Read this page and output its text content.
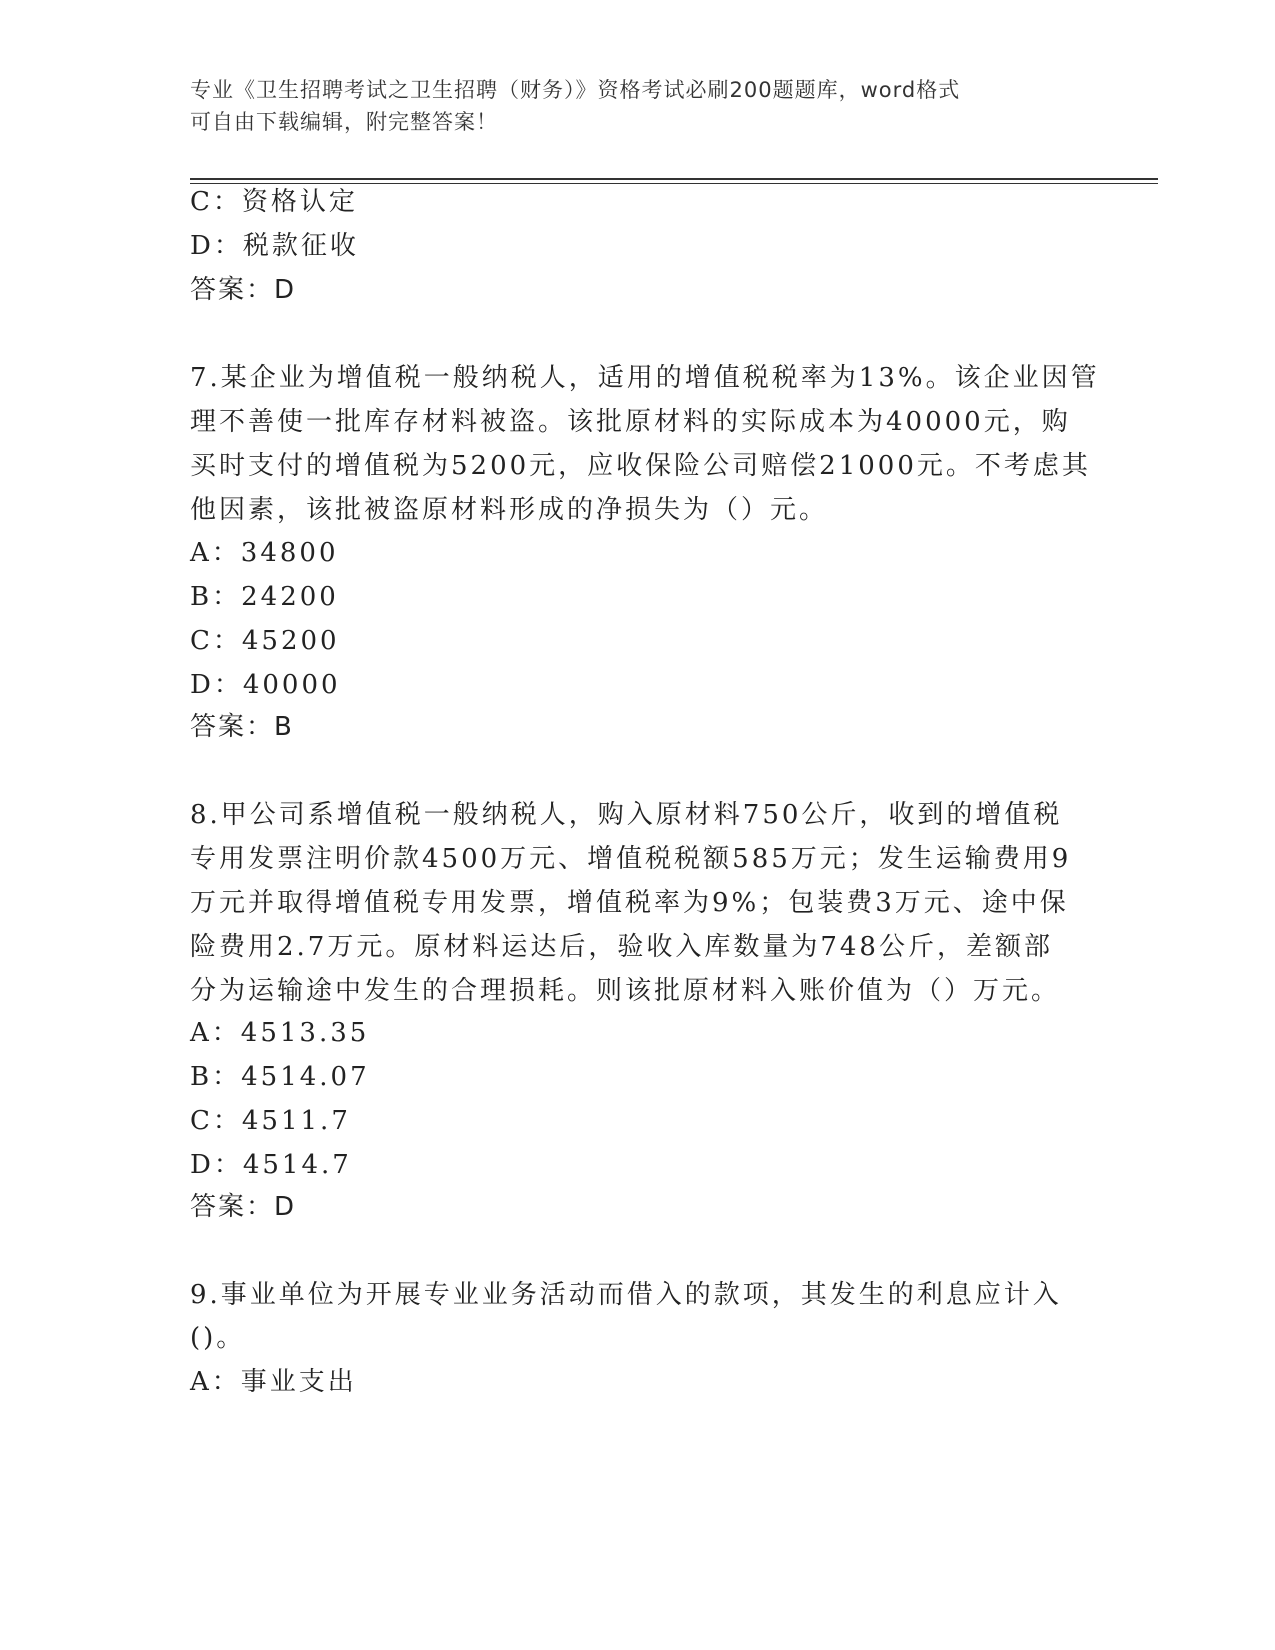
专业《卫生招聘考试之卫生招聘（财务）》资格考试必刷200题题库，word格式
可自由下载编辑，附完整答案！
C：资格认定
D：税款征收
答案：D
7.某企业为增值税一般纳税人，适用的增值税税率为13%。该企业因管
理不善使一批库存材料被盗。该批原材料的实际成本为40000元，购
买时支付的增值税为5200元，应收保险公司赔偿21000元。不考虑其
他因素，该批被盗原材料形成的净损失为（）元。
A：34800
B：24200
C：45200
D：40000
答案：B
8.甲公司系增值税一般纳税人，购入原材料750公斤，收到的增值税
专用发票注明价款4500万元、增值税税额585万元；发生运输费用9
万元并取得增值税专用发票，增值税率为9%；包装费3万元、途中保
险费用2.7万元。原材料运达后，验收入库数量为748公斤，差额部
分为运输途中发生的合理损耗。则该批原材料入账价值为（）万元。
A：4513.35
B：4514.07
C：4511.7
D：4514.7
答案：D
9.事业单位为开展专业业务活动而借入的款项，其发生的利息应计入
()。
A：事业支出
